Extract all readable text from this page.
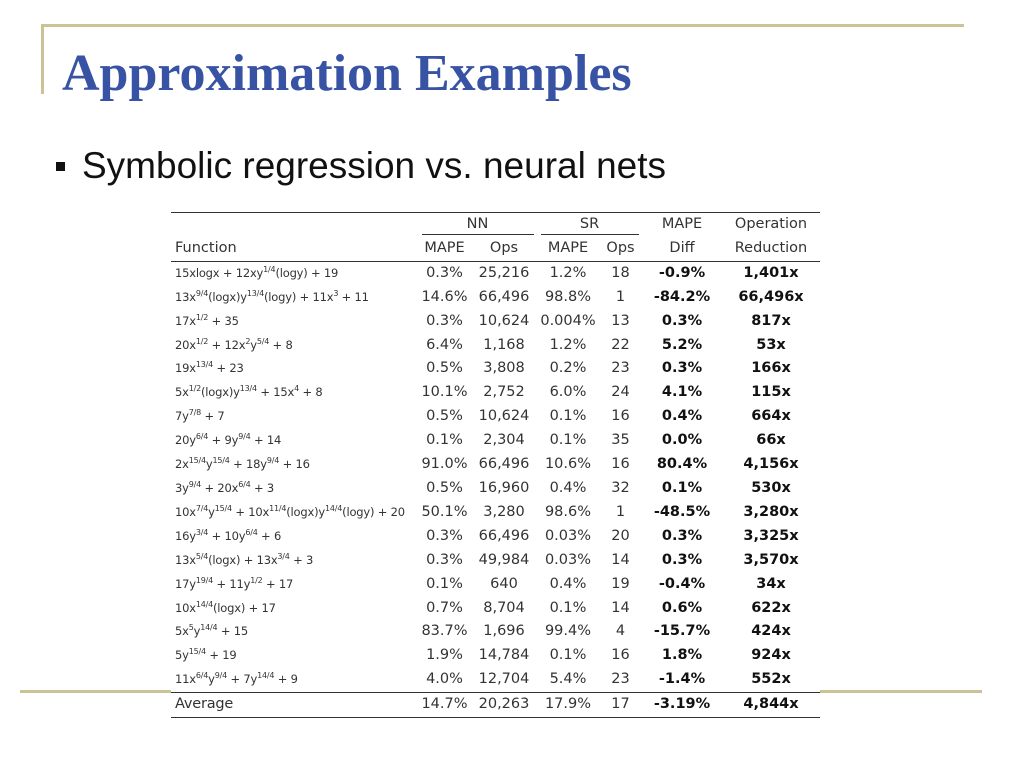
Approximation Examples
Symbolic regression vs. neural nets
	NN		SR		MAPE	Operation
Function	MAPE	Ops	MAPE	Ops	Diff	Reduction
$15xlogx + 12xy^{1/4}(\log y) + 19$	0.3%	25,216	1.2%	18	-0.9%	1,401x
$13x^{9/4}(\log x)y^{13/4}(\log y) + 11x^3 + 11$	14.6%	66,496	98.8%	1	-84.2%	66,496x
$17x^{1/2} + 35$	0.3%	10,624	0.004%	13	0.3%	817x
$20x^{1/2} + 12x^2y^{5/4} + 8$	6.4%	1,168	1.2%	22	5.2%	53x
$19x^{13/4} + 23$	0.5%	3,808	0.2%	23	0.3%	166x
$5x^{1/2}(\log x)y^{13/4} + 15x^4 + 8$	10.1%	2,752	6.0%	24	4.1%	115x
$7y^{7/8} + 7$	0.5%	10,624	0.1%	16	0.4%	664x
$20y^{6/4} + 9y^{9/4} + 14$	0.1%	2,304	0.1%	35	0.0%	66x
$2x^{15/4}y^{15/4} + 18y^{9/4} + 16$	91.0%	66,496	10.6%	16	80.4%	4,156x
$3y^{9/4} + 20x^{6/4} + 3$	0.5%	16,960	0.4%	32	0.1%	530x
$10x^{7/4}y^{15/4} + 10x^{11/4}(\log x)y^{14/4}(\log y) + 20$	50.1%	3,280	98.6%	1	-48.5%	3,280x
$16y^{3/4} + 10y^{6/4} + 6$	0.3%	66,496	0.03%	20	0.3%	3,325x
$13x^{5/4}(\log x) + 13x^{3/4} + 3$	0.3%	49,984	0.03%	14	0.3%	3,570x
$17y^{19/4} + 11y^{1/2} + 17$	0.1%	640	0.4%	19	-0.4%	34x
$10x^{14/4}(\log x) + 17$	0.7%	8,704	0.1%	14	0.6%	622x
$5x^5y^{14/4} + 15$	83.7%	1,696	99.4%	4	-15.7%	424x
$5y^{15/4} + 19$	1.9%	14,784	0.1%	16	1.8%	924x
$11x^{6/4}y^{9/4} + 7y^{14/4} + 9$	4.0%	12,704	5.4%	23	-1.4%	552x
Average	14.7%	20,263	17.9%	17	-3.19%	4,844x
